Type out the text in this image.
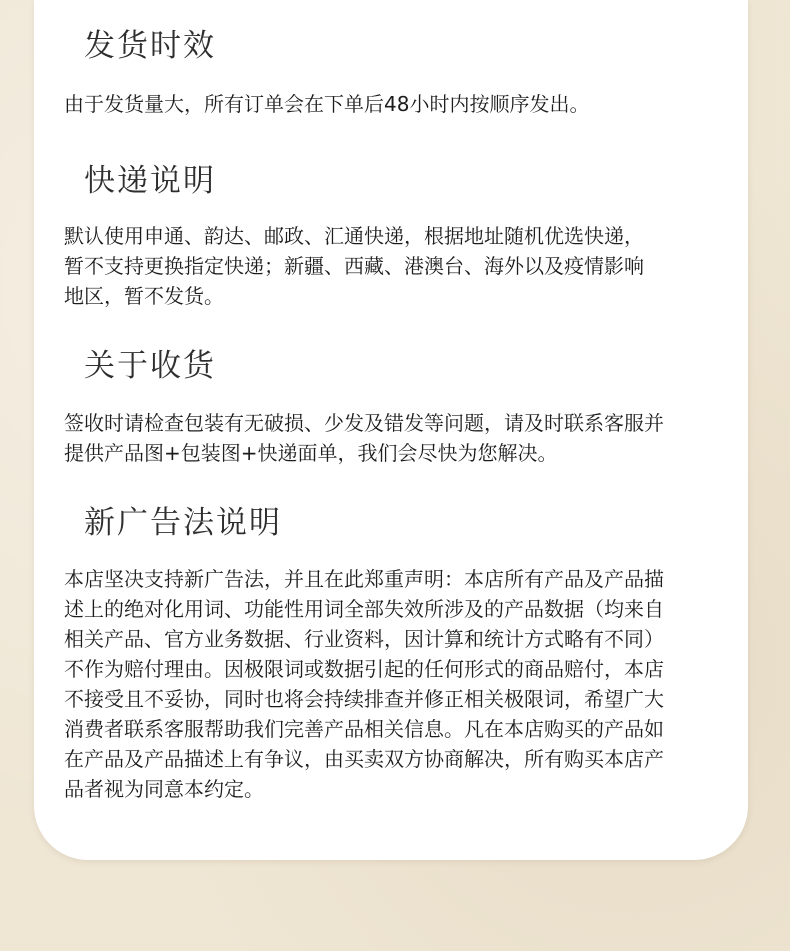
发货时效
由于发货量大，所有订单会在下单后48小时内按顺序发出。
快递说明
默认使用申通、韵达、邮政、汇通快递，根据地址随机优选快递，
暂不支持更换指定快递；新疆、西藏、港澳台、海外以及疫情影响
地区，暂不发货。
关于收货
签收时请检查包装有无破损、少发及错发等问题，请及时联系客服并
提供产品图+包装图+快递面单，我们会尽快为您解决。
新广告法说明
本店坚决支持新广告法，并且在此郑重声明：本店所有产品及产品描
述上的绝对化用词、功能性用词全部失效所涉及的产品数据（均来自
相关产品、官方业务数据、行业资料，因计算和统计方式略有不同）
不作为赔付理由。因极限词或数据引起的任何形式的商品赔付，本店
不接受且不妥协，同时也将会持续排查并修正相关极限词，希望广大
消费者联系客服帮助我们完善产品相关信息。凡在本店购买的产品如
在产品及产品描述上有争议，由买卖双方协商解决，所有购买本店产
品者视为同意本约定。
